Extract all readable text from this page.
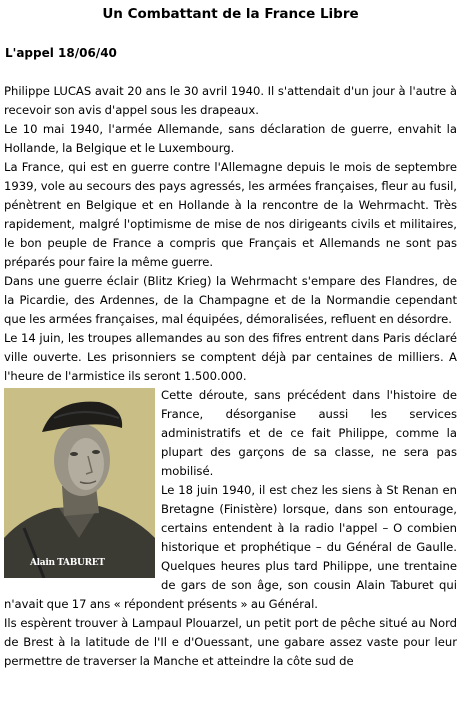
Un Combattant de la France Libre
L'appel 18/06/40

Philippe LUCAS avait 20 ans le 30 avril 1940. Il s'attendait d'un jour à l'autre à recevoir son avis d'appel sous les drapeaux.

Le 10 mai 1940, l'armée Allemande, sans déclaration de guerre, envahit la Hollande, la Belgique et le Luxembourg.

La France, qui est en guerre contre l'Allemagne depuis le mois de septembre 1939, vole au secours des pays agressés, les armées françaises, fleur au fusil, pénètrent en Belgique et en Hollande à la rencontre de la Wehrmacht. Très rapidement, malgré l'optimisme de mise de nos dirigeants civils et militaires, le bon peuple de France a compris que Français et Allemands ne sont pas préparés pour faire la même guerre.

Dans une guerre éclair (Blitz Krieg) la Wehrmacht s'empare des Flandres, de la Picardie, des Ardennes, de la Champagne et de la Normandie cependant que les armées françaises, mal équipées, démoralisées, refluent en désordre.

Le 14 juin, les troupes allemandes au son des fifres entrent dans Paris déclaré ville ouverte. Les prisonniers se comptent déjà par centaines de milliers. A l'heure de l'armistice ils seront 1.500.000.

Alain TABURET

Cette déroute, sans précédent dans l'histoire de France, désorganise aussi les services administratifs et de ce fait Philippe, comme la plupart des garçons de sa classe, ne sera pas mobilisé.

Le 18 juin 1940, il est chez les siens à St Renan en Bretagne (Finistère) lorsque, dans son entourage, certains entendent à la radio l'appel – O combien historique et prophétique – du Général de Gaulle. Quelques heures plus tard Philippe, une trentaine de gars de son âge, son cousin Alain Taburet qui n'avait que 17 ans « répondent présents » au Général.

Ils espèrent trouver à Lampaul Plouarzel, un petit port de pêche situé au Nord de Brest à la latitude de l'Il e d'Ouessant, une gabare assez vaste pour leur permettre de traverser la Manche et atteindre la côte sud de
